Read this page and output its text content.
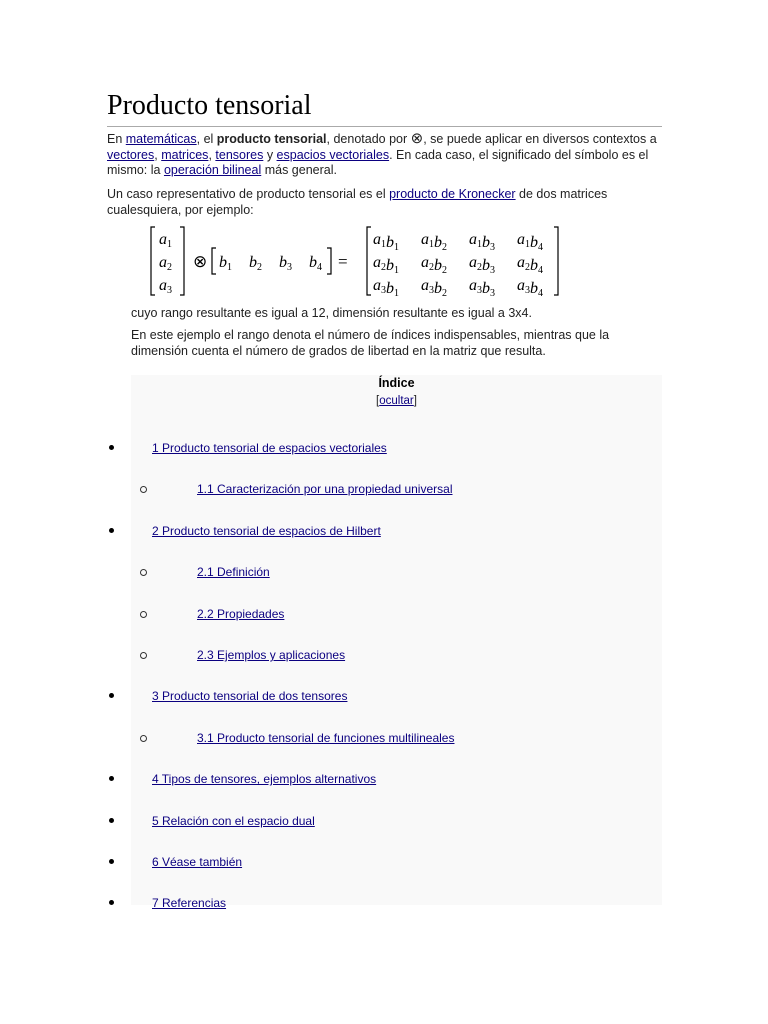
Producto tensorial

En matemáticas, el producto tensorial, denotado por ⊗, se puede aplicar en diversos contextos a vectores, matrices, tensores y espacios vectoriales. En cada caso, el significado del símbolo es el mismo: la operación bilineal más general.

Un caso representativo de producto tensorial es el producto de Kronecker de dos matrices cualesquiera, por ejemplo:

a1
a2
a3
⊗ b1 b2 b3 b4 =
a1b1 a1b2 a1b3 a1b4
a2b1 a2b2 a2b3 a2b4
a3b1 a3b2 a3b3 a3b4

cuyo rango resultante es igual a 12, dimensión resultante es igual a 3x4.

En este ejemplo el rango denota el número de índices indispensables, mientras que la dimensión cuenta el número de grados de libertad en la matriz que resulta.

Índice
[ocultar]
1 Producto tensorial de espacios vectoriales
1.1 Caracterización por una propiedad universal
2 Producto tensorial de espacios de Hilbert
2.1 Definición
2.2 Propiedades
2.3 Ejemplos y aplicaciones
3 Producto tensorial de dos tensores
3.1 Producto tensorial de funciones multilineales
4 Tipos de tensores, ejemplos alternativos
5 Relación con el espacio dual
6 Véase también
7 Referencias
